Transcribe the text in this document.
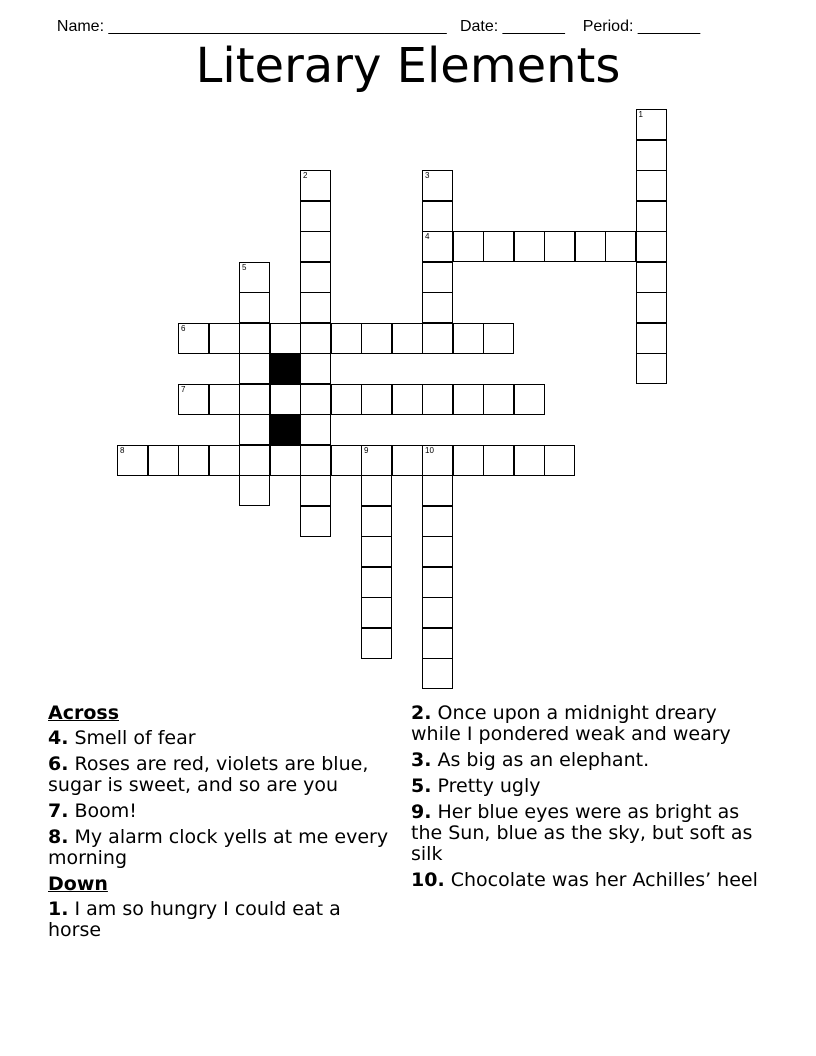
Name: ______________________________________ Date: _______ Period: _______

Literary Elements
1
2	3
4
5
6
7
8	9	10
Across
4. Smell of fear
6. Roses are red, violets are blue, sugar is sweet, and so are you
7. Boom!
8. My alarm clock yells at me every morning
Down
1. I am so hungry I could eat a horse
2. Once upon a midnight dreary while I pondered weak and weary
3. As big as an elephant.
5. Pretty ugly
9. Her blue eyes were as bright as the Sun, blue as the sky, but soft as silk
10. Chocolate was her Achilles’ heel
